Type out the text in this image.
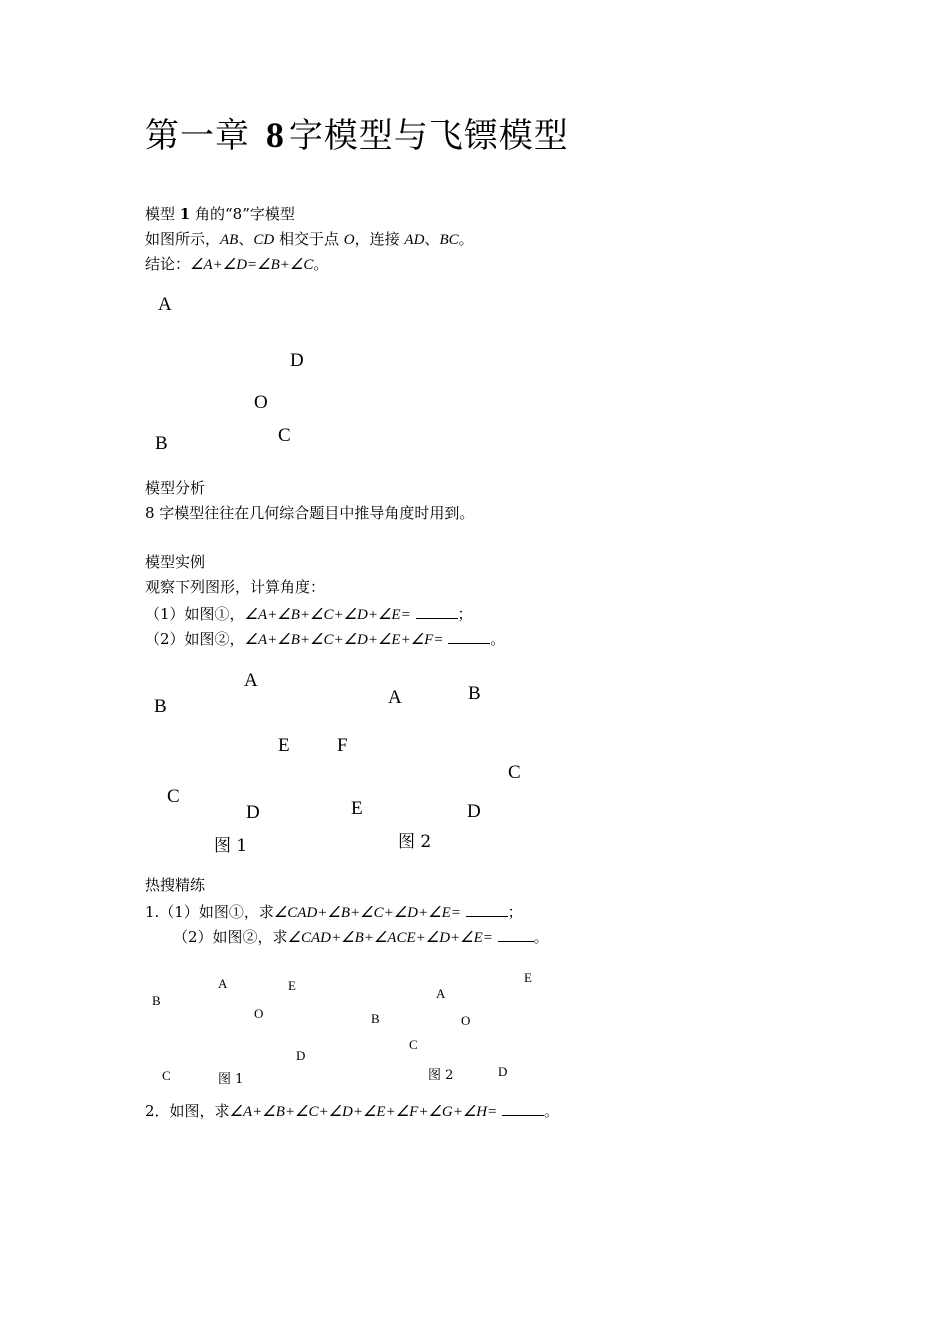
第一章 8 字模型与飞镖模型
模型 1 角的“8”字模型
如图所示，AB、CD 相交于点 O，连接 AD、BC。
结论：∠A+∠D=∠B+∠C。
A
D
O
B	C
模型分析
8 字模型往往在几何综合题目中推导角度时用到。
模型实例
观察下列图形，计算角度：
（1）如图①，∠A+∠B+∠C+∠D+∠E=	；
（2）如图②，∠A+∠B+∠C+∠D+∠E+∠F=	。
A
B
E
C
D
图 1
A	B
F
C
E	D
图 2
热搜精练
1.（1）如图①，求∠CAD+∠B+∠C+∠D+∠E=	；
（2）如图②，求∠CAD+∠B+∠ACE+∠D+∠E=	。
A	E
B
O
D
C	图 1
E
A
B	O
C
图 2	D
2．如图，求∠A+∠B+∠C+∠D+∠E+∠F+∠G+∠H=	。
